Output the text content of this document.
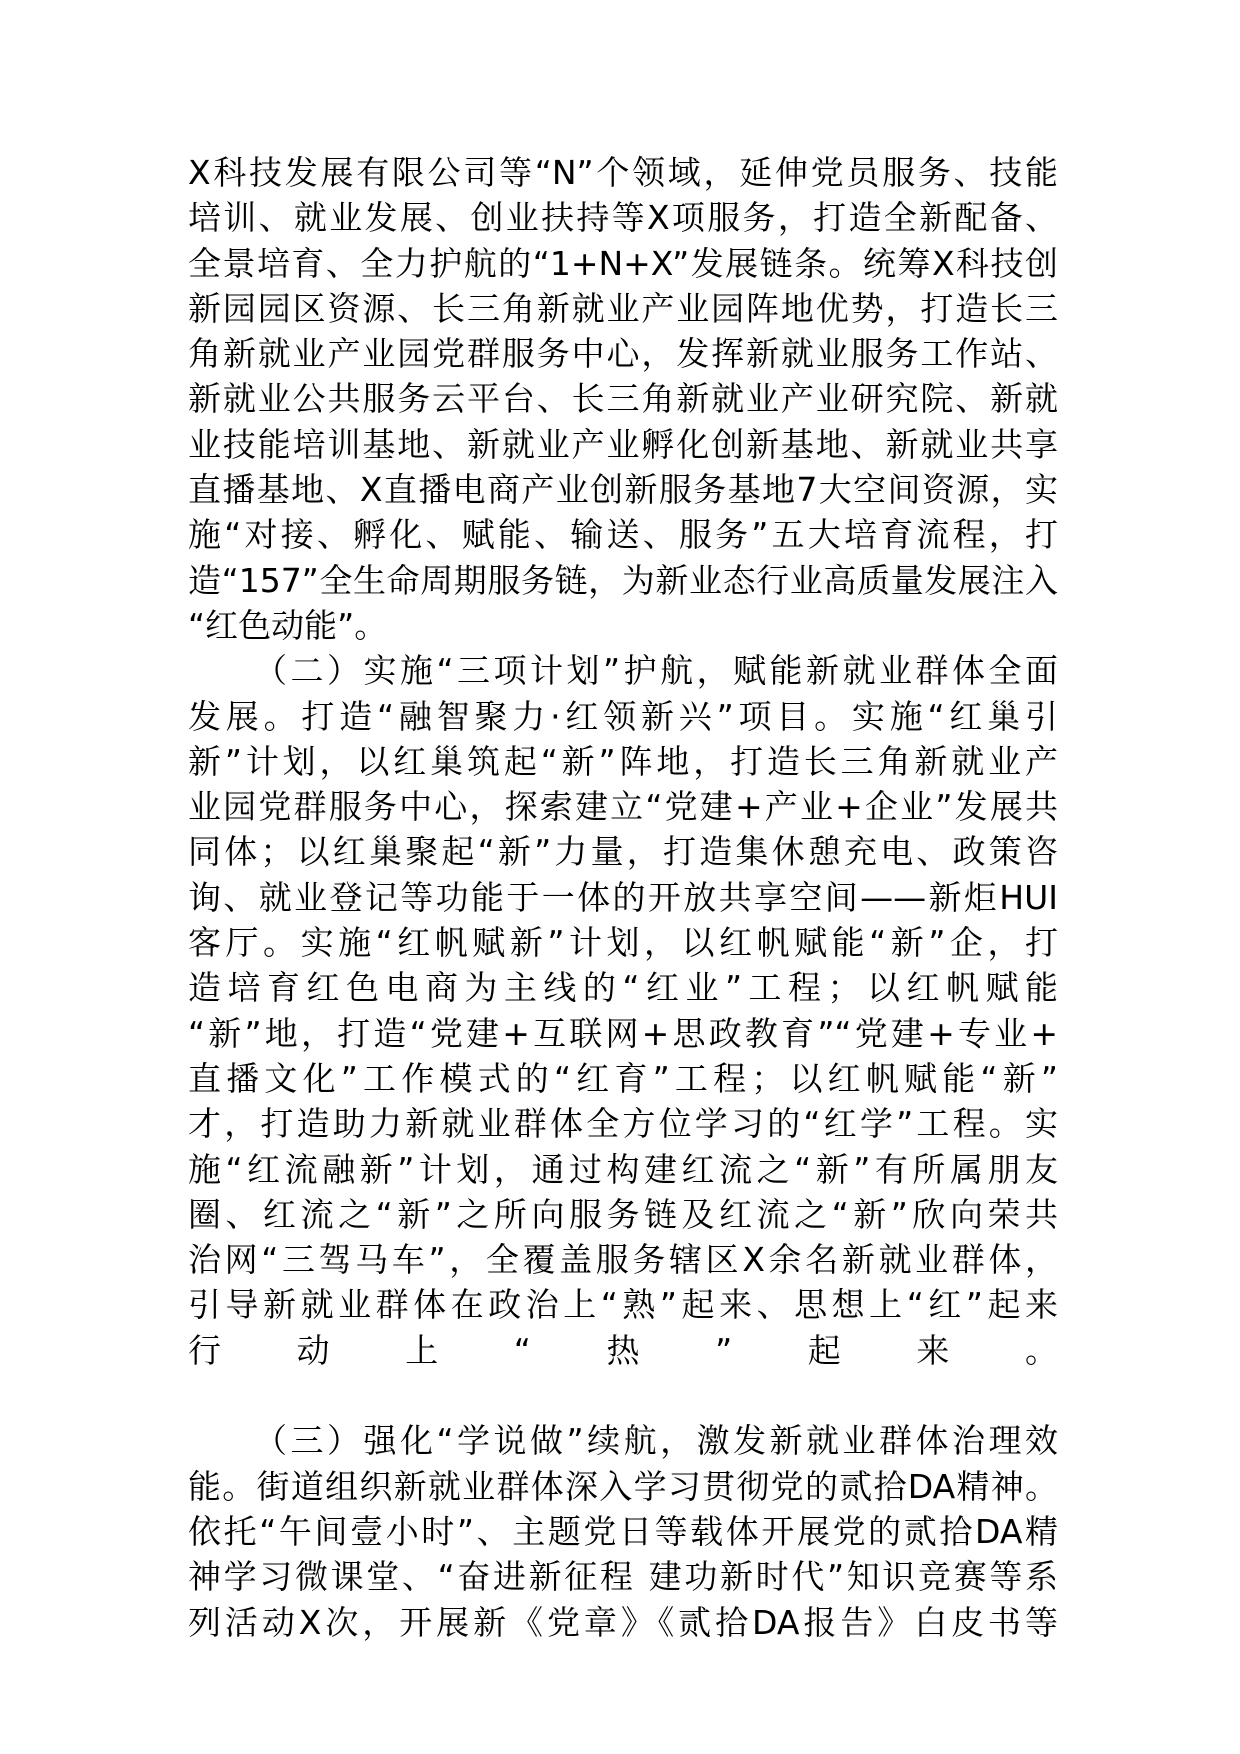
X科技发展有限公司等“N”个领域，延伸党员服务、技能
培训、就业发展、创业扶持等X项服务，打造全新配备、
全景培育、全力护航的“1+N+X”发展链条。统筹X科技创
新园园区资源、长三角新就业产业园阵地优势，打造长三
角新就业产业园党群服务中心，发挥新就业服务工作站、
新就业公共服务云平台、长三角新就业产业研究院、新就
业技能培训基地、新就业产业孵化创新基地、新就业共享
直播基地、X直播电商产业创新服务基地7大空间资源，实
施“对接、孵化、赋能、输送、服务”五大培育流程，打
造“157”全生命周期服务链，为新业态行业高质量发展注入
“红色动能”。
（二）实施“三项计划”护航，赋能新就业群体全面
发展。打造“融智聚力·红领新兴”项目。实施“红巢引
新”计划，以红巢筑起“新”阵地，打造长三角新就业产
业园党群服务中心，探索建立“党建+产业+企业”发展共
同体；以红巢聚起“新”力量，打造集休憩充电、政策咨
询、就业登记等功能于一体的开放共享空间——新炬HUI
客厅。实施“红帆赋新”计划，以红帆赋能“新”企，打
造培育红色电商为主线的“红业”工程；以红帆赋能
“新”地，打造“党建+互联网+思政教育”“党建+专业+
直播文化”工作模式的“红育”工程；以红帆赋能“新”
才，打造助力新就业群体全方位学习的“红学”工程。实
施“红流融新”计划，通过构建红流之“新”有所属朋友
圈、红流之“新”之所向服务链及红流之“新”欣向荣共
治网“三驾马车”，全覆盖服务辖区X余名新就业群体，
引导新就业群体在政治上“熟”起来、思想上“红”起来
行动上“热”起来。
（三）强化“学说做”续航，激发新就业群体治理效
能。街道组织新就业群体深入学习贯彻党的贰拾DA精神。
依托“午间壹小时”、主题党日等载体开展党的贰拾DA精
神学习微课堂、“奋进新征程 建功新时代”知识竞赛等系
列活动X次，开展新《党章》《贰拾DA报告》白皮书等
